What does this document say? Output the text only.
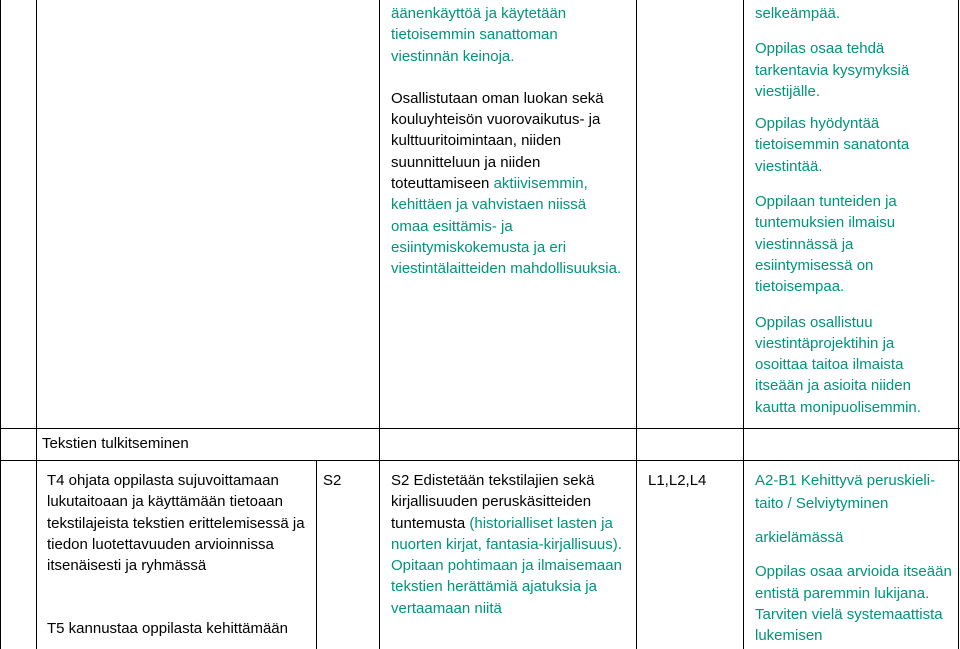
äänenkäyttöä ja käytetään tietoisemmin sanattoman viestinnän keinoja.

Osallistutaan oman luokan sekä kouluyhteisön vuorovaikutus- ja kulttuuritoimintaan, niiden suunnitteluun ja niiden toteuttamiseen aktiivisemmin, kehittäen ja vahvistaen niissä omaa esittämis- ja esiintymiskokemusta ja eri viestintälaitteiden mahdollisuuksia.

selkeämpää.

Oppilas osaa tehdä tarkentavia kysymyksiä viestijälle.

Oppilas hyödyntää tietoisemmin sanatonta viestintää.

Oppilaan tunteiden ja tuntemuksien ilmaisu viestinnässä ja esiintymisessä on tietoisempaa.

Oppilas osallistuu viestintäprojektihin ja osoittaa taitoa ilmaista itseään ja asioita niiden kautta monipuolisemmin.

Tekstien tulkitseminen

T4 ohjata oppilasta sujuvoittamaan lukutaitoaan ja käyttämään tietoaan tekstilajeista tekstien erittelemisessä ja tiedon luotettavuuden arvioinnissa itsenäisesti ja ryhmässä

T5 kannustaa oppilasta kehittämään

S2	S2 Edistetään tekstilajien sekä kirjallisuuden peruskäsitteiden tuntemusta (historialliset lasten ja nuorten kirjat, fantasia-kirjallisuus). Opitaan pohtimaan ja ilmaisemaan tekstien herättämiä ajatuksia ja vertaamaan niitä
L1,L2,L4	A2-B1 Kehittyvä peruskieli-

taito / Selviytyminen

arkielämässä

Oppilas osaa arvioida itseään entistä paremmin lukijana. Tarviten vielä systemaattista lukemisen
